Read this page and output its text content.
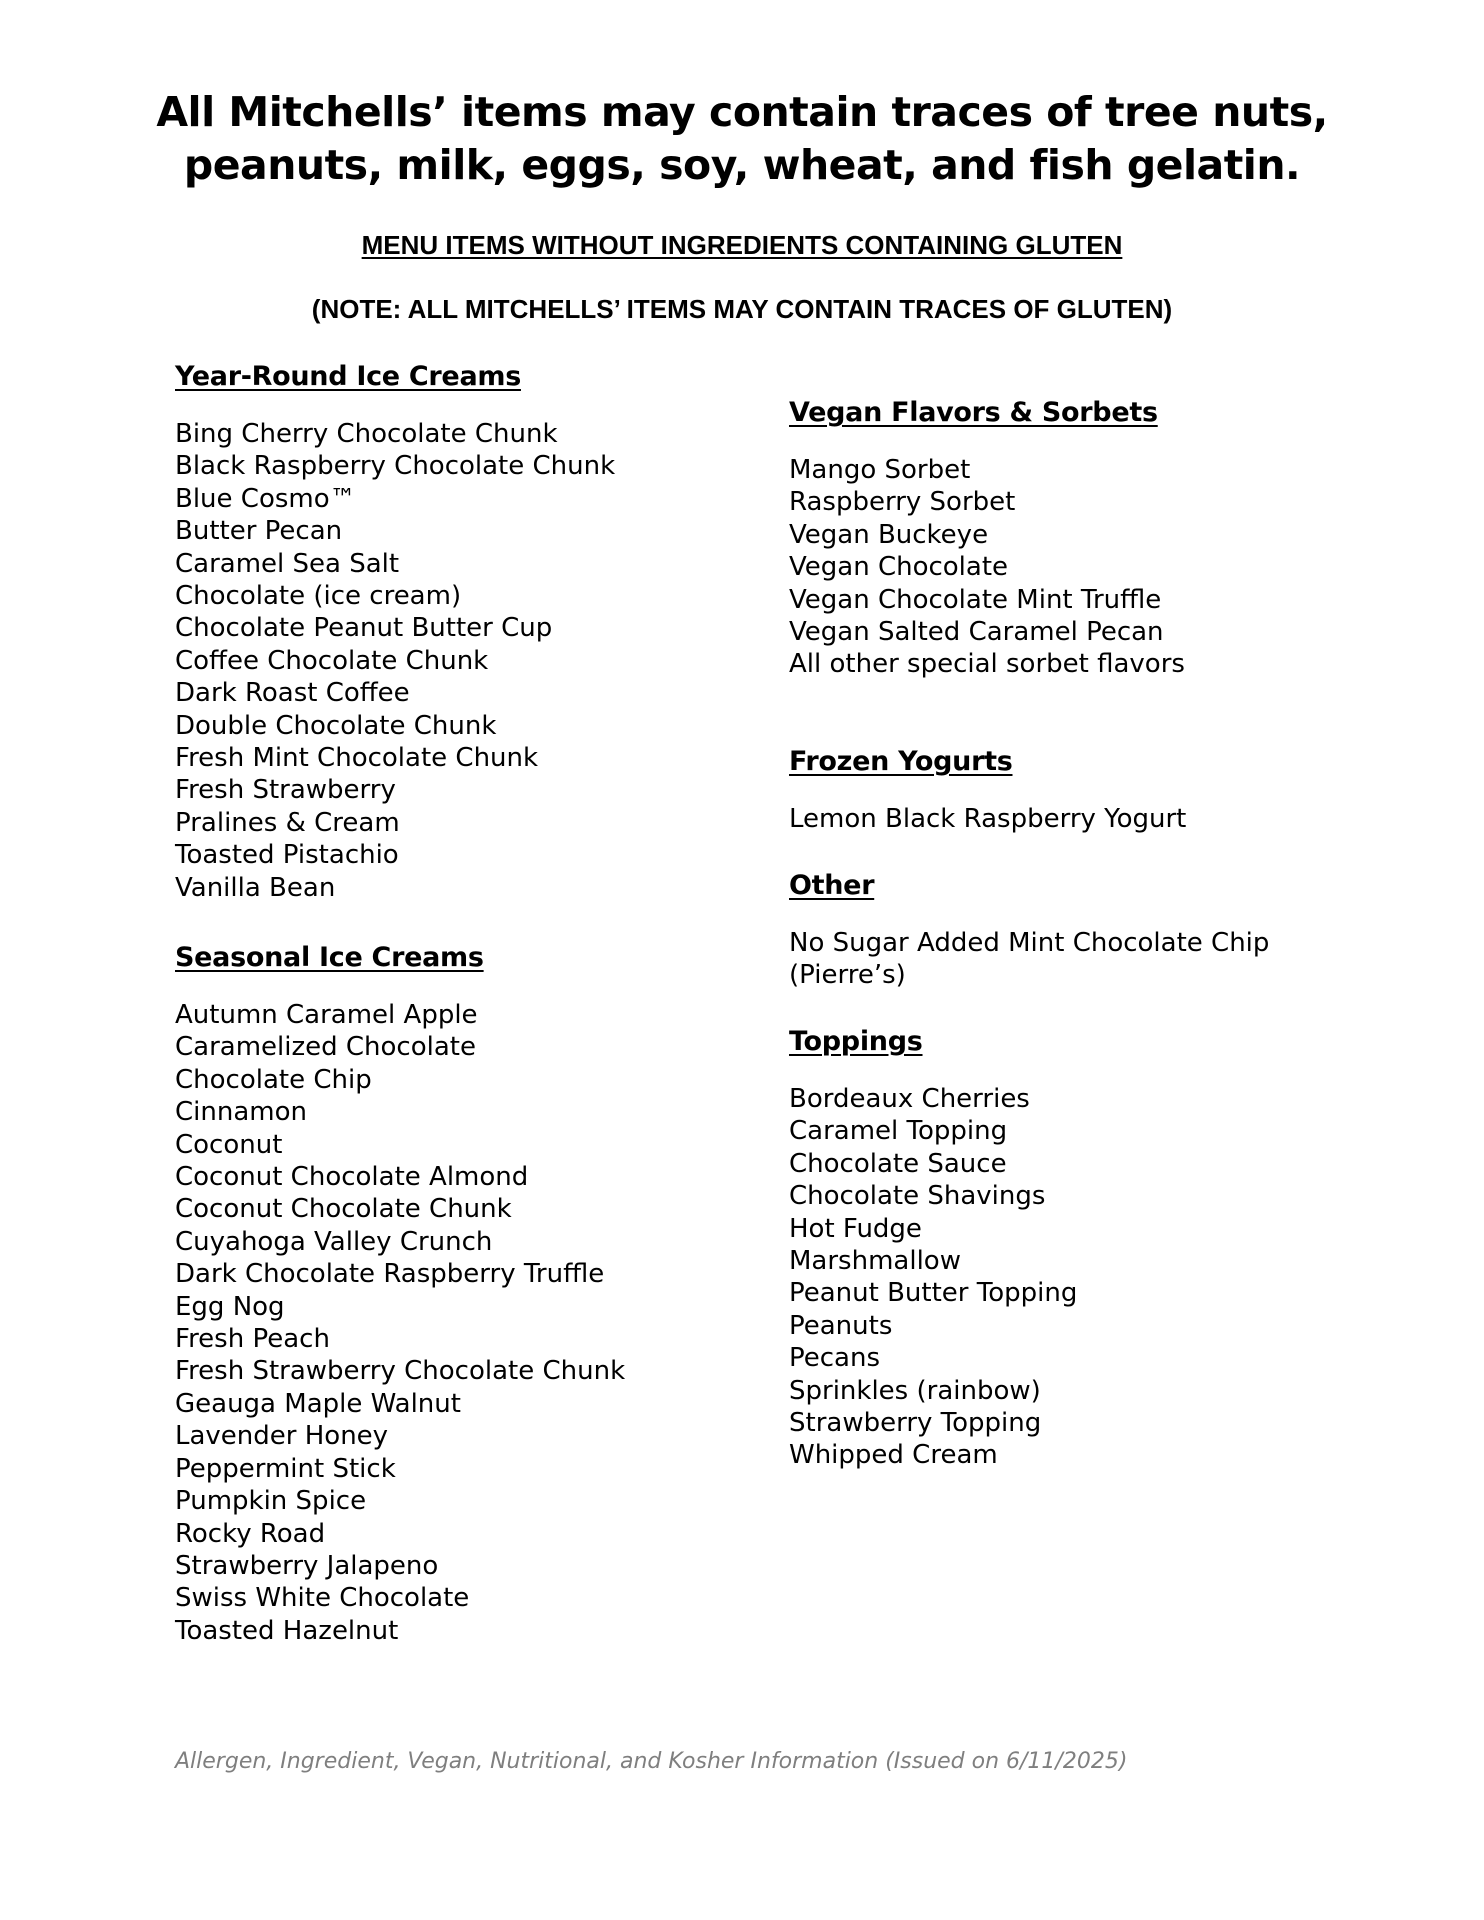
All Mitchells’ items may contain traces of tree nuts,
peanuts, milk, eggs, soy, wheat, and fish gelatin.
MENU ITEMS WITHOUT INGREDIENTS CONTAINING GLUTEN
(NOTE: ALL MITCHELLS’ ITEMS MAY CONTAIN TRACES OF GLUTEN)
Year-Round Ice Creams
Bing Cherry Chocolate Chunk
Black Raspberry Chocolate Chunk
Blue Cosmo™
Butter Pecan
Caramel Sea Salt
Chocolate (ice cream)
Chocolate Peanut Butter Cup
Coffee Chocolate Chunk
Dark Roast Coffee
Double Chocolate Chunk
Fresh Mint Chocolate Chunk
Fresh Strawberry
Pralines & Cream
Toasted Pistachio
Vanilla Bean
Seasonal Ice Creams
Autumn Caramel Apple
Caramelized Chocolate
Chocolate Chip
Cinnamon
Coconut
Coconut Chocolate Almond
Coconut Chocolate Chunk
Cuyahoga Valley Crunch
Dark Chocolate Raspberry Truffle
Egg Nog
Fresh Peach
Fresh Strawberry Chocolate Chunk
Geauga Maple Walnut
Lavender Honey
Peppermint Stick
Pumpkin Spice
Rocky Road
Strawberry Jalapeno
Swiss White Chocolate
Toasted Hazelnut
Vegan Flavors & Sorbets
Mango Sorbet
Raspberry Sorbet
Vegan Buckeye
Vegan Chocolate
Vegan Chocolate Mint Truffle
Vegan Salted Caramel Pecan
All other special sorbet flavors
Frozen Yogurts
Lemon Black Raspberry Yogurt
Other
No Sugar Added Mint Chocolate Chip (Pierre’s)
Toppings
Bordeaux Cherries
Caramel Topping
Chocolate Sauce
Chocolate Shavings
Hot Fudge
Marshmallow
Peanut Butter Topping
Peanuts
Pecans
Sprinkles (rainbow)
Strawberry Topping
Whipped Cream
Allergen, Ingredient, Vegan, Nutritional, and Kosher Information (Issued on 6/11/2025)
